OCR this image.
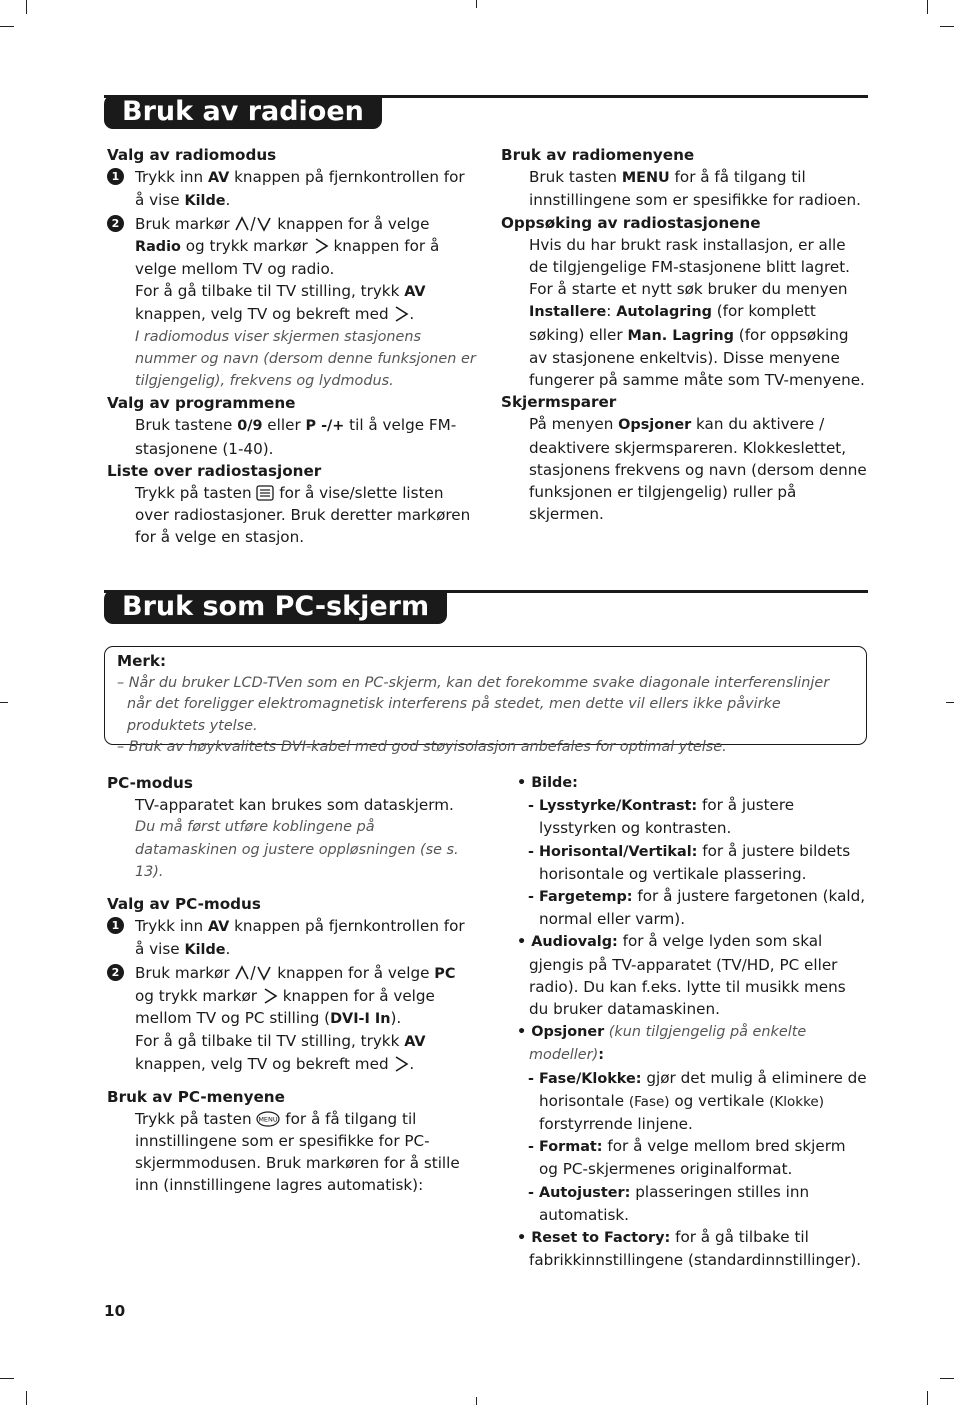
Bruk av radioen

Valg av radiomodus

1	Trykk inn AV knappen på fjernkontrollen for å vise Kilde.

2	Bruk markør	knappen for å velge Radio og trykk markør  knappen for å velge mellom TV og radio.

For å gå tilbake til TV stilling, trykk AV knappen, velg TV og bekreft med .

I radiomodus viser skjermen stasjonens nummer og navn (dersom denne funksjonen er tilgjengelig), frekvens og lydmodus.

Valg av programmene

Bruk tastene 0/9 eller P -/+ til å velge FM-stasjonene (1-40).

Liste over radiostasjoner

Trykk på tasten  for å vise/slette listen over radiostasjoner. Bruk deretter markøren for å velge en stasjon.

Bruk av radiomenyene

Bruk tasten MENU for å få tilgang til innstillingene som er spesifikke for radioen.

Oppsøking av radiostasjonene

Hvis du har brukt rask installasjon, er alle de tilgjengelige FM-stasjonene blitt lagret. For å starte et nytt søk bruker du menyen Installere: Autolagring (for komplett søking) eller Man. Lagring (for oppsøking av stasjonene enkeltvis). Disse menyene fungerer på samme måte som TV-menyene.

Skjermsparer

På menyen Opsjoner kan du aktivere / deaktivere skjermsparеren. Klokkeslettet, stasjonens frekvens og navn (dersom denne funksjonen er tilgjengelig) ruller på skjermen.

Bruk som PC-skjerm

Merk:

– Når du bruker LCD-TVen som en PC-skjerm, kan det forekomme svake diagonale interferenslinjer når det foreligger elektromagnetisk interferens på stedet, men dette vil ellers ikke påvirke produktets ytelse.

– Bruk av høykvalitets DVI-kabel med god støyisolasjon anbefales for optimal ytelse.

PC-modus

TV-apparatet kan brukes som dataskjerm.

Du må først utføre koblingene på datamaskinen og justere oppløsningen (se s. 13).

Valg av PC-modus

1	Trykk inn AV knappen på fjernkontrollen for å vise Kilde.

2	Bruk markør	knappen for å velge PC og trykk markør  knappen for å velge mellom TV og PC stilling (DVI-I In).

For å gå tilbake til TV stilling, trykk AV knappen, velg TV og bekreft med .

Bruk av PC-menyene

Trykk på tasten MENU for å få tilgang til innstillingene som er spesifikke for PC-skjermmodusen. Bruk markøren for å stille inn (innstillingene lagres automatisk):

• Bilde:

- Lysstyrke/Kontrast: for å justere lysstyrken og kontrasten.

- Horisontal/Vertikal: for å justere bildets horisontale og vertikale plassering.

- Fargetemp: for å justere fargetonen (kald, normal eller varm).

• Audiovalg: for å velge lyden som skal gjengis på TV-apparatet (TV/HD, PC eller radio). Du kan f.eks. lytte til musikk mens du bruker datamaskinen.

• Opsjoner (kun tilgjengelig på enkelte modeller):

- Fase/Klokke: gjør det mulig å eliminere de horisontale (Fase) og vertikale (Klokke) forstyrrende linjene.

- Format: for å velge mellom bred skjerm og PC-skjermenes originalformat.

- Autojuster: plasseringen stilles inn automatisk.

• Reset to Factory: for å gå tilbake til fabrikkinnstillingene (standardinnstillinger).

10
